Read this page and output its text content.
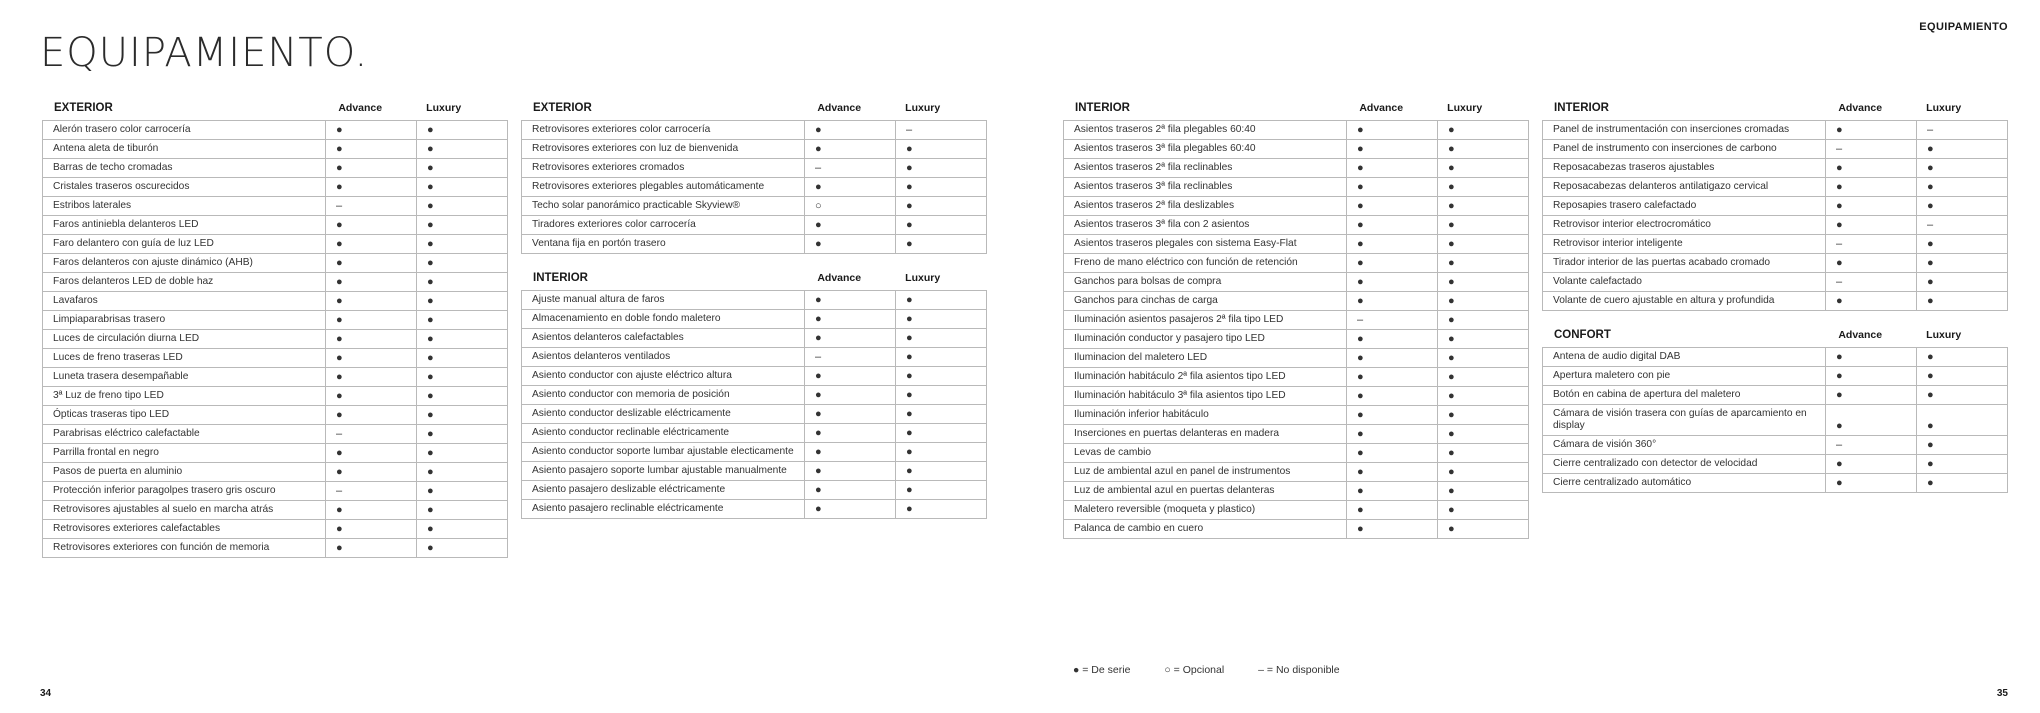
EQUIPAMIENTO.
EQUIPAMIENTO
EXTERIOR	Advance	Luxury
Alerón trasero color carrocería	●	●
Antena aleta de tiburón	●	●
Barras de techo cromadas	●	●
Cristales traseros oscurecidos	●	●
Estribos laterales	–	●
Faros antiniebla delanteros LED	●	●
Faro delantero con guía de luz LED	●	●
Faros delanteros con ajuste dinámico (AHB)	●	●
Faros delanteros LED de doble haz	●	●
Lavafaros	●	●
Limpiaparabrisas trasero	●	●
Luces de circulación diurna LED	●	●
Luces de freno traseras LED	●	●
Luneta trasera desempañable	●	●
3ª Luz de freno tipo LED	●	●
Ópticas traseras tipo LED	●	●
Parabrisas eléctrico calefactable	–	●
Parrilla frontal en negro	●	●
Pasos de puerta en aluminio	●	●
Protección inferior paragolpes trasero gris oscuro	–	●
Retrovisores ajustables al suelo en marcha atrás	●	●
Retrovisores exteriores calefactables	●	●
Retrovisores exteriores con función de memoria	●	●
EXTERIOR	Advance	Luxury
Retrovisores exteriores color carrocería	●	–
Retrovisores exteriores con luz de bienvenida	●	●
Retrovisores exteriores cromados	–	●
Retrovisores exteriores plegables automáticamente	●	●
Techo solar panorámico practicable Skyview®	○	●
Tiradores exteriores color carrocería	●	●
Ventana fija en portón trasero	●	●
INTERIOR	Advance	Luxury
Ajuste manual altura de faros	●	●
Almacenamiento en doble fondo maletero	●	●
Asientos delanteros calefactables	●	●
Asientos delanteros ventilados	–	●
Asiento conductor con ajuste eléctrico altura	●	●
Asiento conductor con memoria de posición	●	●
Asiento conductor deslizable eléctricamente	●	●
Asiento conductor reclinable eléctricamente	●	●
Asiento conductor soporte lumbar ajustable electicamente	●	●
Asiento pasajero soporte lumbar ajustable manualmente	●	●
Asiento pasajero deslizable eléctricamente	●	●
Asiento pasajero reclinable eléctricamente	●	●
INTERIOR	Advance	Luxury
Asientos traseros 2ª fila plegables 60:40	●	●
Asientos traseros 3ª fila plegables 60:40	●	●
Asientos traseros 2ª fila reclinables	●	●
Asientos traseros 3ª fila reclinables	●	●
Asientos traseros 2ª fila deslizables	●	●
Asientos traseros 3ª fila con 2 asientos	●	●
Asientos traseros plegales con sistema Easy-Flat	●	●
Freno de mano eléctrico con función de retención	●	●
Ganchos para bolsas de compra	●	●
Ganchos para cinchas de carga	●	●
Iluminación asientos pasajeros 2ª fila tipo LED	–	●
Iluminación conductor y pasajero tipo LED	●	●
Iluminacion del maletero LED	●	●
Iluminación habitáculo 2ª fila asientos tipo LED	●	●
Iluminación habitáculo 3ª fila asientos tipo LED	●	●
Iluminación inferior habitáculo	●	●
Inserciones en puertas delanteras en madera	●	●
Levas de cambio	●	●
Luz de ambiental azul en panel de instrumentos	●	●
Luz de ambiental azul en puertas delanteras	●	●
Maletero reversible (moqueta y plastico)	●	●
Palanca de cambio en cuero	●	●
INTERIOR	Advance	Luxury
Panel de instrumentación con inserciones cromadas	●	–
Panel de instrumento con inserciones de carbono	–	●
Reposacabezas traseros ajustables	●	●
Reposacabezas delanteros antilatigazo cervical	●	●
Reposapies trasero calefactado	●	●
Retrovisor interior electrocromático	●	–
Retrovisor interior inteligente	–	●
Tirador interior de las puertas acabado cromado	●	●
Volante calefactado	–	●
Volante de cuero ajustable en altura y profundida	●	●
CONFORT	Advance	Luxury
Antena de audio digital DAB	●	●
Apertura maletero con pie	●	●
Botón en cabina de apertura del maletero	●	●
Cámara de visión trasera con guías de aparcamiento en display	●	●
Cámara de visión 360°	–	●
Cierre centralizado con detector de velocidad	●	●
Cierre centralizado automático	●	●
● = De serie	○ = Opcional	– = No disponible
34	35
